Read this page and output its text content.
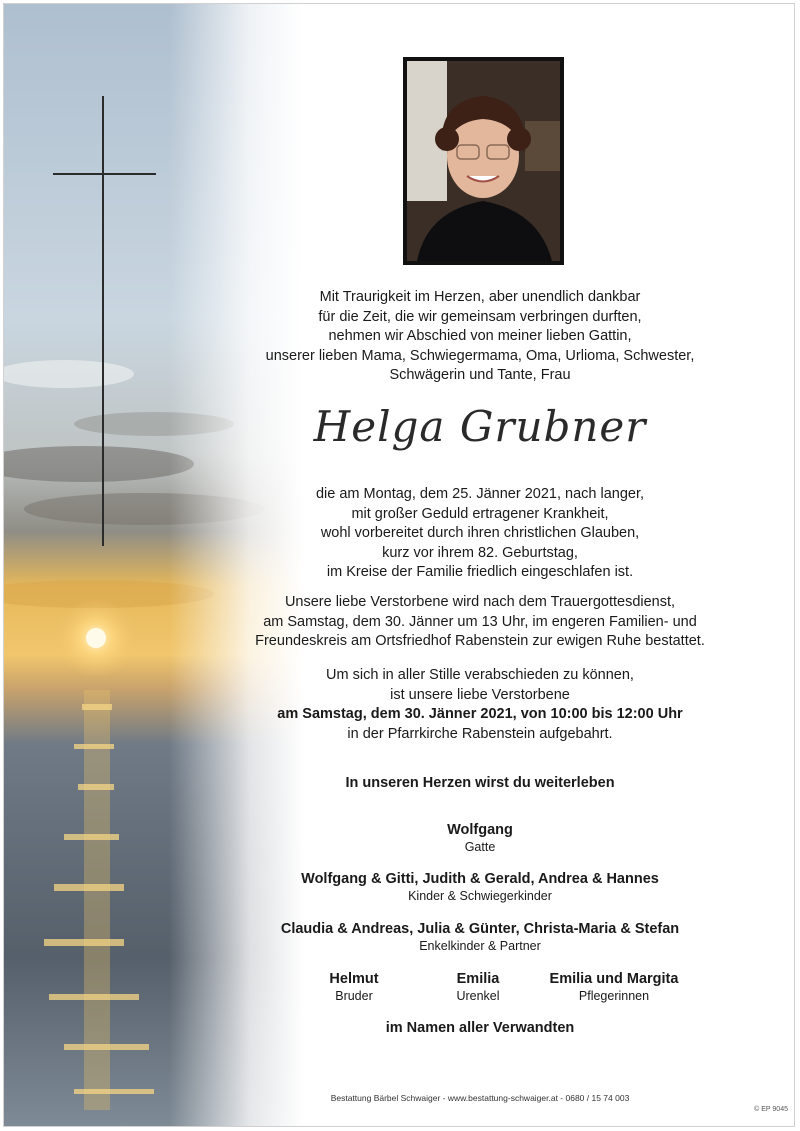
Mit Traurigkeit im Herzen, aber unendlich dankbar
für die Zeit, die wir gemeinsam verbringen durften,
nehmen wir Abschied von meiner lieben Gattin,
unserer lieben Mama, Schwiegermama, Oma, Urlioma, Schwester,
Schwägerin und Tante, Frau
Helga Grubner
die am Montag, dem 25. Jänner 2021, nach langer,
mit großer Geduld ertragener Krankheit,
wohl vorbereitet durch ihren christlichen Glauben,
kurz vor ihrem 82. Geburtstag,
im Kreise der Familie friedlich eingeschlafen ist.
Unsere liebe Verstorbene wird nach dem Trauergottesdienst,
am Samstag, dem 30. Jänner um 13 Uhr, im engeren Familien- und
Freundeskreis am Ortsfriedhof Rabenstein zur ewigen Ruhe bestattet.
Um sich in aller Stille verabschieden zu können,
ist unsere liebe Verstorbene
am Samstag, dem 30. Jänner 2021, von 10:00 bis 12:00 Uhr
in der Pfarrkirche Rabenstein aufgebahrt.
In unseren Herzen wirst du weiterleben
Wolfgang
Gatte
Wolfgang & Gitti, Judith & Gerald, Andrea & Hannes
Kinder & Schwiegerkinder
Claudia & Andreas, Julia & Günter, Christa-Maria & Stefan
Enkelkinder & Partner
Helmut
Bruder
Emilia
Urenkel
Emilia und Margita
Pflegerinnen
im Namen aller Verwandten
Bestattung Bärbel Schwaiger - www.bestattung-schwaiger.at - 0680 / 15 74 003
© EP 9045
